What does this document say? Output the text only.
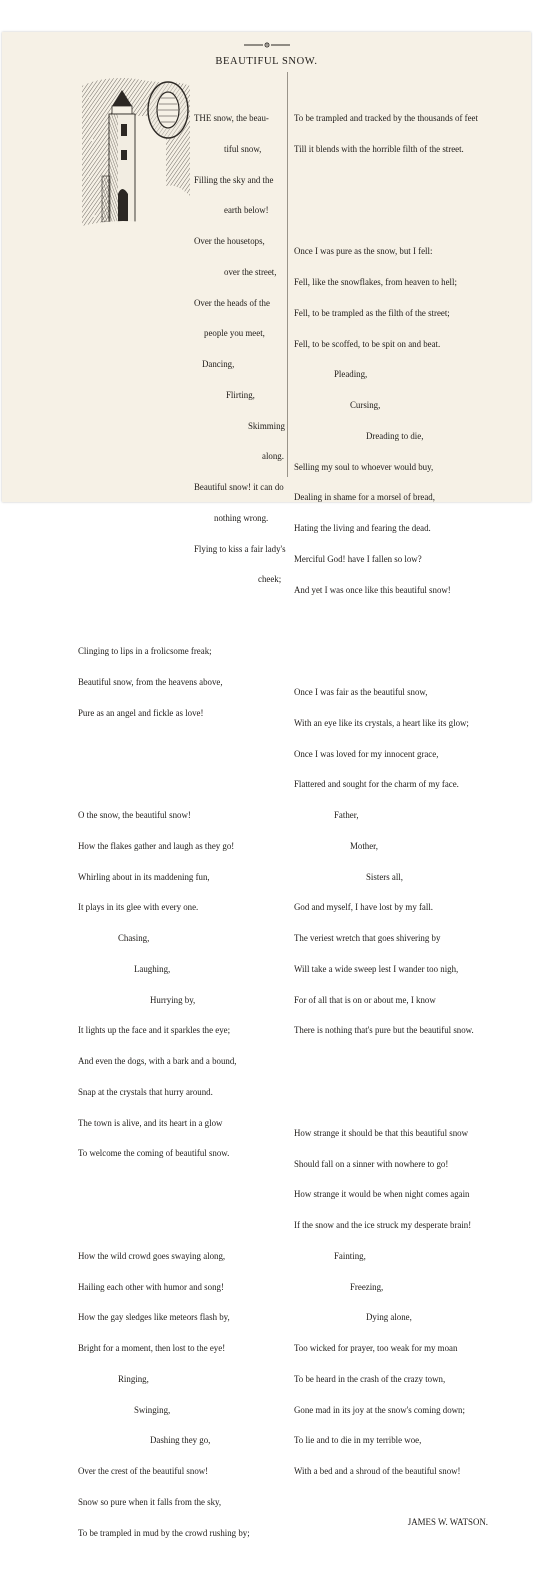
BEAUTIFUL SNOW.

THE snow, the beau-

tiful snow,

Filling the sky and the

earth below!

Over the housetops,

over the street,

Over the heads of the

people you meet,

Dancing,

Flirting,

Skimming

along.

Beautiful snow! it can do

nothing wrong.

Flying to kiss a fair lady's

cheek;

Clinging to lips in a frolicsome freak;

Beautiful snow, from the heavens above,

Pure as an angel and fickle as love!

O the snow, the beautiful snow!

How the flakes gather and laugh as they go!

Whirling about in its maddening fun,

It plays in its glee with every one.

Chasing,

Laughing,

Hurrying by,

It lights up the face and it sparkles the eye;

And even the dogs, with a bark and a bound,

Snap at the crystals that hurry around.

The town is alive, and its heart in a glow

To welcome the coming of beautiful snow.

How the wild crowd goes swaying along,

Hailing each other with humor and song!

How the gay sledges like meteors flash by,

Bright for a moment, then lost to the eye!

Ringing,

Swinging,

Dashing they go,

Over the crest of the beautiful snow!

Snow so pure when it falls from the sky,

To be trampled in mud by the crowd rushing by;

To be trampled and tracked by the thousands of feet

Till it blends with the horrible filth of the street.

Once I was pure as the snow, but I fell:

Fell, like the snowflakes, from heaven to hell;

Fell, to be trampled as the filth of the street;

Fell, to be scoffed, to be spit on and beat.

Pleading,

Cursing,

Dreading to die,

Selling my soul to whoever would buy,

Dealing in shame for a morsel of bread,

Hating the living and fearing the dead.

Merciful God! have I fallen so low?

And yet I was once like this beautiful snow!

Once I was fair as the beautiful snow,

With an eye like its crystals, a heart like its glow;

Once I was loved for my innocent grace,

Flattered and sought for the charm of my face.

Father,

Mother,

Sisters all,

God and myself, I have lost by my fall.

The veriest wretch that goes shivering by

Will take a wide sweep lest I wander too nigh,

For of all that is on or about me, I know

There is nothing that's pure but the beautiful snow.

How strange it should be that this beautiful snow

Should fall on a sinner with nowhere to go!

How strange it would be when night comes again

If the snow and the ice struck my desperate brain!

Fainting,

Freezing,

Dying alone,

Too wicked for prayer, too weak for my moan

To be heard in the crash of the crazy town,

Gone mad in its joy at the snow's coming down;

To lie and to die in my terrible woe,

With a bed and a shroud of the beautiful snow!

JAMES W. WATSON.
